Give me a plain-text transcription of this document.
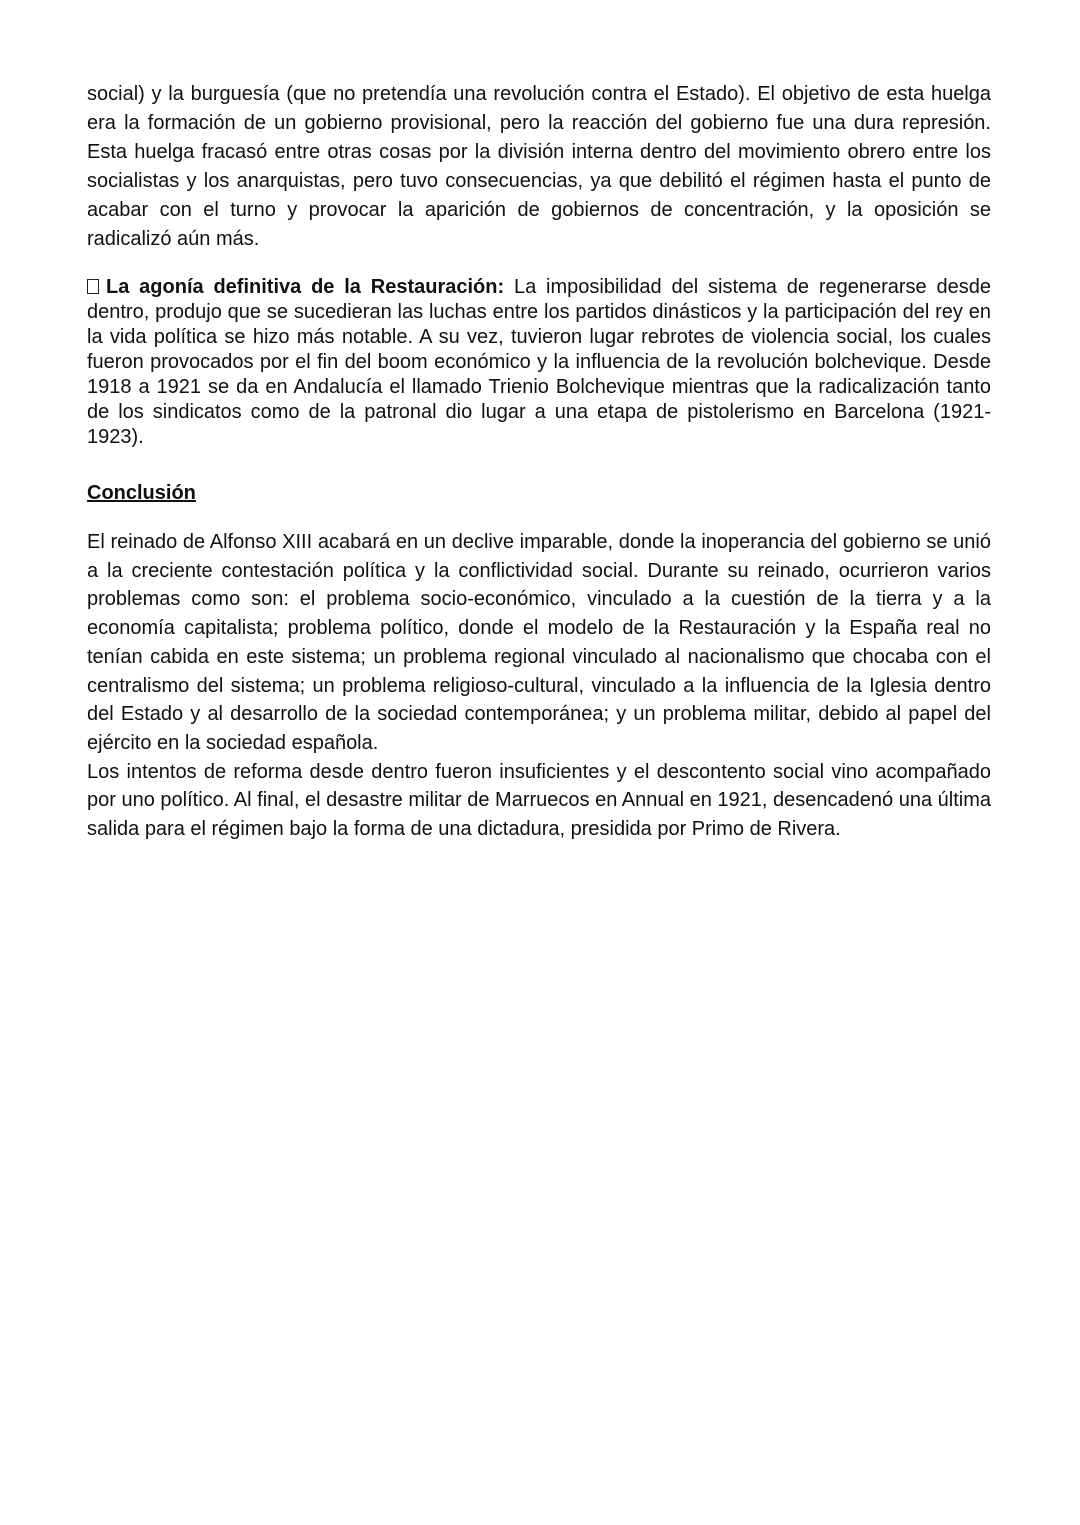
social) y la burguesía (que no pretendía una revolución contra el Estado). El objetivo de esta huelga era la formación de un gobierno provisional, pero la reacción del gobierno fue una dura represión. Esta huelga fracasó entre otras cosas por la división interna dentro del movimiento obrero entre los socialistas y los anarquistas, pero tuvo consecuencias, ya que debilitó el régimen hasta el punto de acabar con el turno y provocar la aparición de gobiernos de concentración, y la oposición se radicalizó aún más.

La agonía definitiva de la Restauración: La imposibilidad del sistema de regenerarse desde dentro, produjo que se sucedieran las luchas entre los partidos dinásticos y la participación del rey en la vida política se hizo más notable. A su vez, tuvieron lugar rebrotes de violencia social, los cuales fueron provocados por el fin del boom económico y la influencia de la revolución bolchevique. Desde 1918 a 1921 se da en Andalucía el llamado Trienio Bolchevique mientras que la radicalización tanto de los sindicatos como de la patronal dio lugar a una etapa de pistolerismo en Barcelona (1921-1923).

Conclusión

El reinado de Alfonso XIII acabará en un declive imparable, donde la inoperancia del gobierno se unió a la creciente contestación política y la conflictividad social. Durante su reinado, ocurrieron varios problemas como son: el problema socio-económico, vinculado a la cuestión de la tierra y a la economía capitalista; problema político, donde el modelo de la Restauración y la España real no tenían cabida en este sistema; un problema regional vinculado al nacionalismo que chocaba con el centralismo del sistema; un problema religioso-cultural, vinculado a la influencia de la Iglesia dentro del Estado y al desarrollo de la sociedad contemporánea; y un problema militar, debido al papel del ejército en la sociedad española.

Los intentos de reforma desde dentro fueron insuficientes y el descontento social vino acompañado por uno político. Al final, el desastre militar de Marruecos en Annual en 1921, desencadenó una última salida para el régimen bajo la forma de una dictadura, presidida por Primo de Rivera.
